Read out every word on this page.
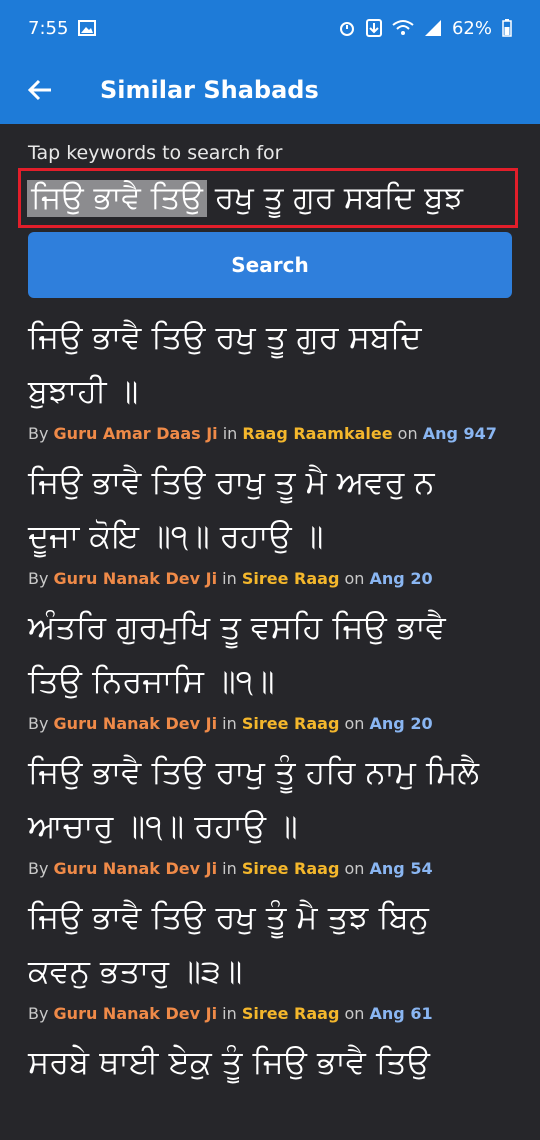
7:55	62%
Similar Shabads
Tap keywords to search for
ਜਿਉ ਭਾਵੈ ਤਿਉ ਰਖੁ ਤੂ ਗੁਰ ਸਬਦਿ ਬੁਝ
Search
ਜਿਉ ਭਾਵੈ ਤਿਉ ਰਖੁ ਤੂ ਗੁਰ ਸਬਦਿ
ਬੁਝਾਹੀ ॥
By Guru Amar Daas Ji in Raag Raamkalee on Ang 947
ਜਿਉ ਭਾਵੈ ਤਿਉ ਰਾਖੁ ਤੂ ਮੈ ਅਵਰੁ ਨ
ਦੂਜਾ ਕੋਇ ॥੧॥ ਰਹਾਉ ॥
By Guru Nanak Dev Ji in Siree Raag on Ang 20
ਅੰਤਰਿ ਗੁਰਮੁਖਿ ਤੂ ਵਸਹਿ ਜਿਉ ਭਾਵੈ
ਤਿਉ ਨਿਰਜਾਸਿ ॥੧॥
By Guru Nanak Dev Ji in Siree Raag on Ang 20
ਜਿਉ ਭਾਵੈ ਤਿਉ ਰਾਖੁ ਤੂੰ ਹਰਿ ਨਾਮੁ ਮਿਲੈ
ਆਚਾਰੁ ॥੧॥ ਰਹਾਉ ॥
By Guru Nanak Dev Ji in Siree Raag on Ang 54
ਜਿਉ ਭਾਵੈ ਤਿਉ ਰਖੁ ਤੂੰ ਮੈ ਤੁਝ ਬਿਨੁ
ਕਵਨੁ ਭਤਾਰੁ ॥੩॥
By Guru Nanak Dev Ji in Siree Raag on Ang 61
ਸਰਬੇ ਥਾਈ ਏਕੁ ਤੂੰ ਜਿਉ ਭਾਵੈ ਤਿਉ
